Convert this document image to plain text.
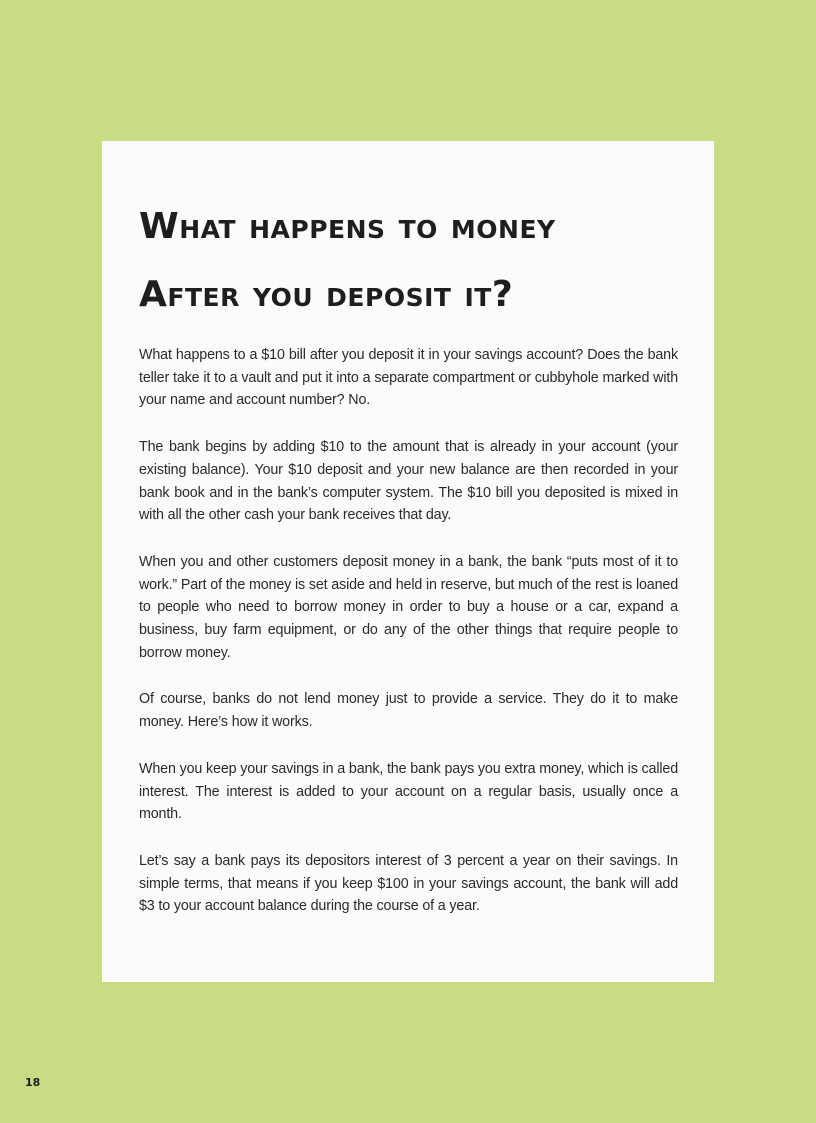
What happens to money
After you deposit it?

What happens to a $10 bill after you deposit it in your savings account? Does the bank teller take it to a vault and put it into a separate compartment or cubbyhole marked with your name and account number? No.

The bank begins by adding $10 to the amount that is already in your account (your existing balance). Your $10 deposit and your new balance are then recorded in your bank book and in the bank’s computer system. The $10 bill you deposited is mixed in with all the other cash your bank receives that day.

When you and other customers deposit money in a bank, the bank “puts most of it to work.” Part of the money is set aside and held in reserve, but much of the rest is loaned to people who need to borrow money in order to buy a house or a car, expand a business, buy farm equipment, or do any of the other things that require people to borrow money.

Of course, banks do not lend money just to provide a service. They do it to make money. Here’s how it works.

When you keep your savings in a bank, the bank pays you extra money, which is called interest. The interest is added to your account on a regular basis, usually once a month.

Let’s say a bank pays its depositors interest of 3 percent a year on their savings. In simple terms, that means if you keep $100 in your savings account, the bank will add $3 to your account balance during the course of a year.

18
